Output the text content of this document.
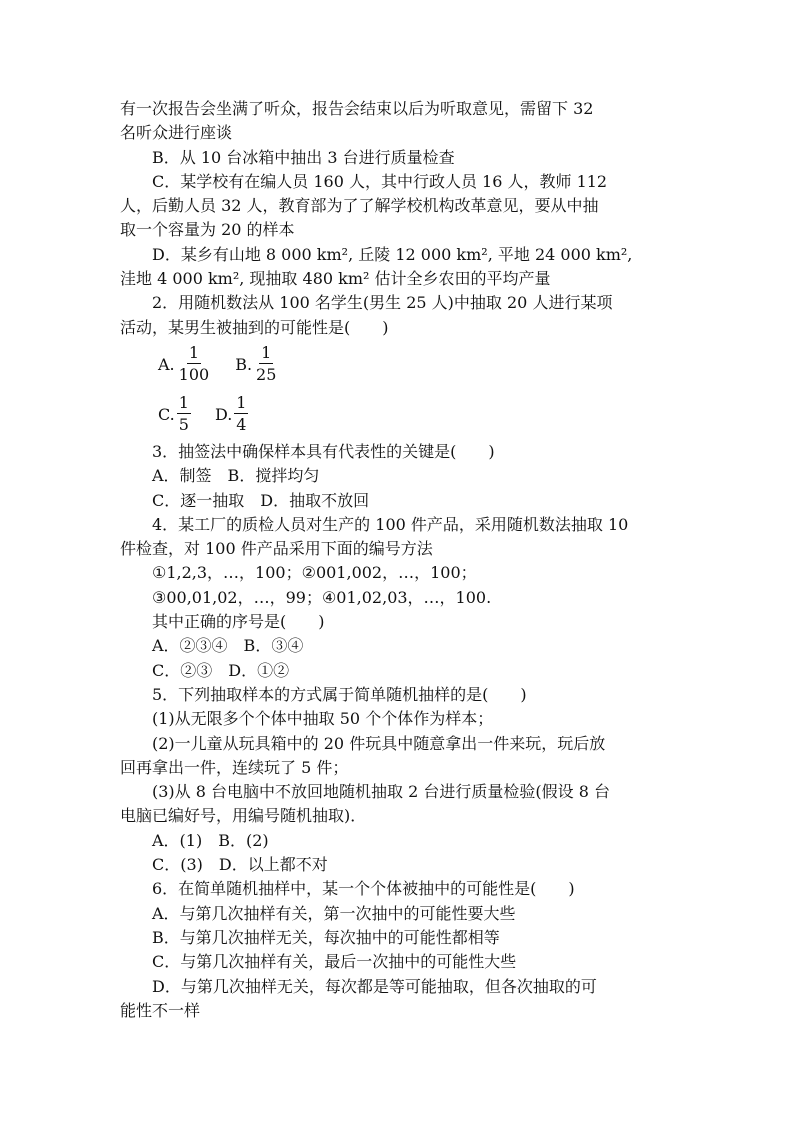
有一次报告会坐满了听众，报告会结束以后为听取意见，需留下 32
名听众进行座谈
B．从 10 台冰箱中抽出 3 台进行质量检查
C．某学校有在编人员 160 人，其中行政人员 16 人，教师 112
人，后勤人员 32 人，教育部为了了解学校机构改革意见，要从中抽
取一个容量为 20 的样本
D．某乡有山地 8 000 km², 丘陵 12 000 km², 平地 24 000 km²,
洼地 4 000 km², 现抽取 480 km² 估计全乡农田的平均产量
2．用随机数法从 100 名学生(男生 25 人)中抽取 20 人进行某项
活动，某男生被抽到的可能性是(　　)
A. $\frac{1}{100} B$. $\frac{1}{25}$
C. $\frac{1}{5} D$. $\frac{1}{4}$
3．抽签法中确保样本具有代表性的关键是(　　)
A．制签　B．搅拌均匀
C．逐一抽取　D．抽取不放回
4．某工厂的质检人员对生产的 100 件产品，采用随机数法抽取 10
件检查，对 100 件产品采用下面的编号方法
①1,2,3，…，100；②001,002，…，100；
③00,01,02，…，99；④01,02,03，…，100.
其中正确的序号是(　　)
A．②③④　B．③④
C．②③　D．①②
5．下列抽取样本的方式属于简单随机抽样的是(　　)
(1)从无限多个个体中抽取 50 个个体作为样本；
(2)一儿童从玩具箱中的 20 件玩具中随意拿出一件来玩，玩后放
回再拿出一件，连续玩了 5 件；
(3)从 8 台电脑中不放回地随机抽取 2 台进行质量检验(假设 8 台
电脑已编好号，用编号随机抽取)．
A．(1)　B．(2)
C．(3)　D．以上都不对
6．在简单随机抽样中，某一个个体被抽中的可能性是(　　)
A．与第几次抽样有关，第一次抽中的可能性要大些
B．与第几次抽样无关，每次抽中的可能性都相等
C．与第几次抽样有关，最后一次抽中的可能性大些
D．与第几次抽样无关，每次都是等可能抽取，但各次抽取的可
能性不一样
